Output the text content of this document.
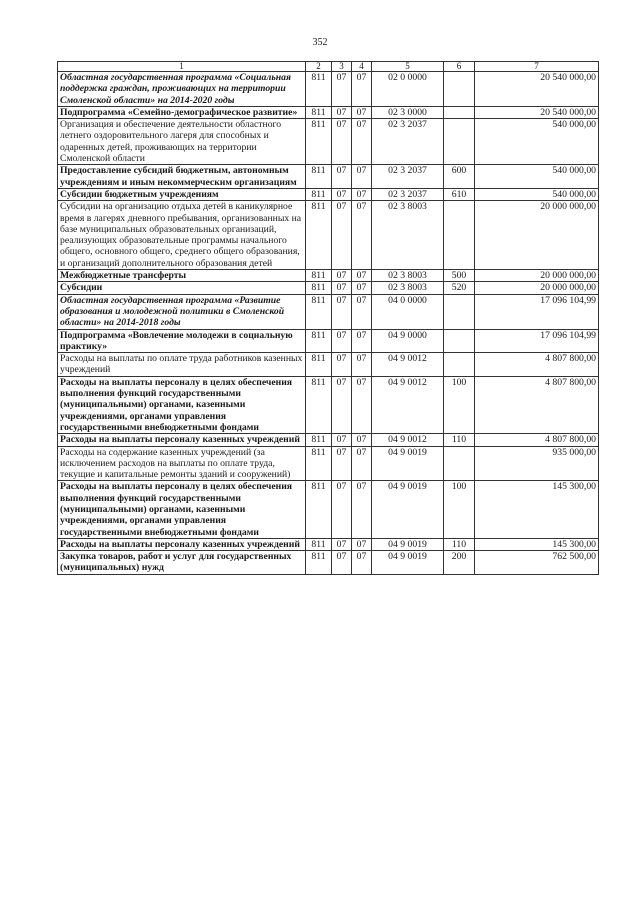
352
1	2	3	4	5	6	7
Областная государственная программа «Социальная поддержка граждан, проживающих на территории Смоленской области» на 2014-2020 годы	811	07	07	02 0 0000		20 540 000,00
Подпрограмма «Семейно-демографическое развитие»	811	07	07	02 3 0000		20 540 000,00
Организация и обеспечение деятельности областного летнего оздоровительного лагеря для способных и одаренных детей, проживающих на территории Смоленской области	811	07	07	02 3 2037		540 000,00
Предоставление субсидий бюджетным, автономным учреждениям и иным некоммерческим организациям	811	07	07	02 3 2037	600	540 000,00
Субсидии бюджетным учреждениям	811	07	07	02 3 2037	610	540 000,00
Субсидии на организацию отдыха детей в каникулярное время в лагерях дневного пребывания, организованных на базе муниципальных образовательных организаций, реализующих образовательные программы начального общего, основного общего, среднего общего образования, и организаций дополнительного образования детей	811	07	07	02 3 8003		20 000 000,00
Межбюджетные трансферты	811	07	07	02 3 8003	500	20 000 000,00
Субсидии	811	07	07	02 3 8003	520	20 000 000,00
Областная государственная программа «Развитие образования и молодежной политики в Смоленской области» на 2014-2018 годы	811	07	07	04 0 0000		17 096 104,99
Подпрограмма «Вовлечение молодежи в социальную практику»	811	07	07	04 9 0000		17 096 104,99
Расходы на выплаты по оплате труда работников казенных учреждений	811	07	07	04 9 0012		4 807 800,00
Расходы на выплаты персоналу в целях обеспечения выполнения функций государственными (муниципальными) органами, казенными учреждениями, органами управления государственными внебюджетными фондами	811	07	07	04 9 0012	100	4 807 800,00
Расходы на выплаты персоналу казенных учреждений	811	07	07	04 9 0012	110	4 807 800,00
Расходы на содержание казенных учреждений (за исключением расходов на выплаты по оплате труда, текущие и капитальные ремонты зданий и сооружений)	811	07	07	04 9 0019		935 000,00
Расходы на выплаты персоналу в целях обеспечения выполнения функций государственными (муниципальными) органами, казенными учреждениями, органами управления государственными внебюджетными фондами	811	07	07	04 9 0019	100	145 300,00
Расходы на выплаты персоналу казенных учреждений	811	07	07	04 9 0019	110	145 300,00
Закупка товаров, работ и услуг для государственных (муниципальных) нужд	811	07	07	04 9 0019	200	762 500,00
